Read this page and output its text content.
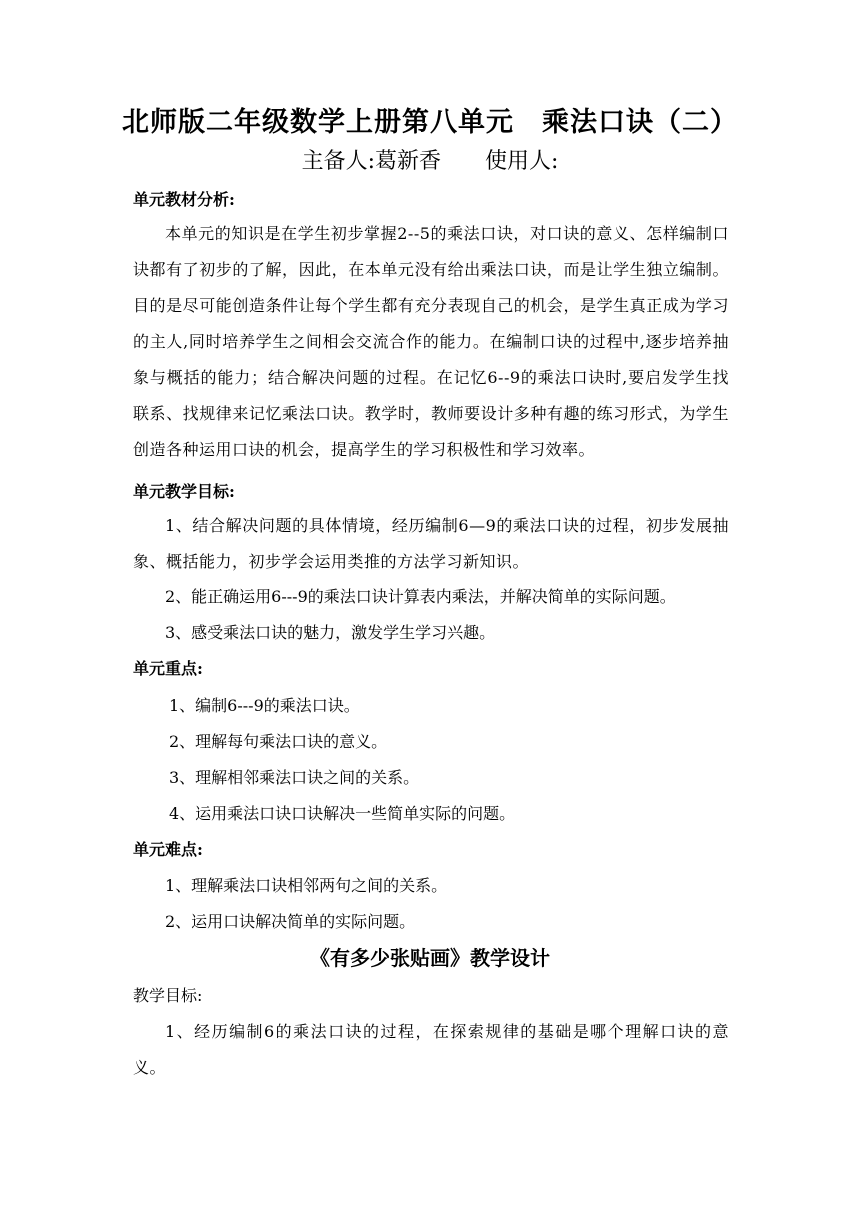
北师版二年级数学上册第八单元　乘法口诀（二）
主备人:葛新香　　使用人:
单元教材分析:
本单元的知识是在学生初步掌握2--5的乘法口诀，对口诀的意义、怎样编制口诀都有了初步的了解，因此，在本单元没有给出乘法口诀，而是让学生独立编制。目的是尽可能创造条件让每个学生都有充分表现自己的机会，是学生真正成为学习的主人,同时培养学生之间相会交流合作的能力。在编制口诀的过程中,逐步培养抽象与概括的能力；结合解决问题的过程。在记忆6--9的乘法口诀时,要启发学生找联系、找规律来记忆乘法口诀。教学时，教师要设计多种有趣的练习形式，为学生创造各种运用口诀的机会，提高学生的学习积极性和学习效率。
单元教学目标:
1、结合解决问题的具体情境，经历编制6—9的乘法口诀的过程，初步发展抽象、概括能力，初步学会运用类推的方法学习新知识。
2、能正确运用6---9的乘法口诀计算表内乘法，并解决简单的实际问题。
3、感受乘法口诀的魅力，激发学生学习兴趣。
单元重点:
1、编制6---9的乘法口诀。
2、理解每句乘法口诀的意义。
3、理解相邻乘法口诀之间的关系。
4、运用乘法口诀口诀解决一些简单实际的问题。
单元难点:
1、理解乘法口诀相邻两句之间的关系。
2、运用口诀解决简单的实际问题。
《有多少张贴画》教学设计
教学目标:
1、经历编制6的乘法口诀的过程，在探索规律的基础是哪个理解口诀的意义。
